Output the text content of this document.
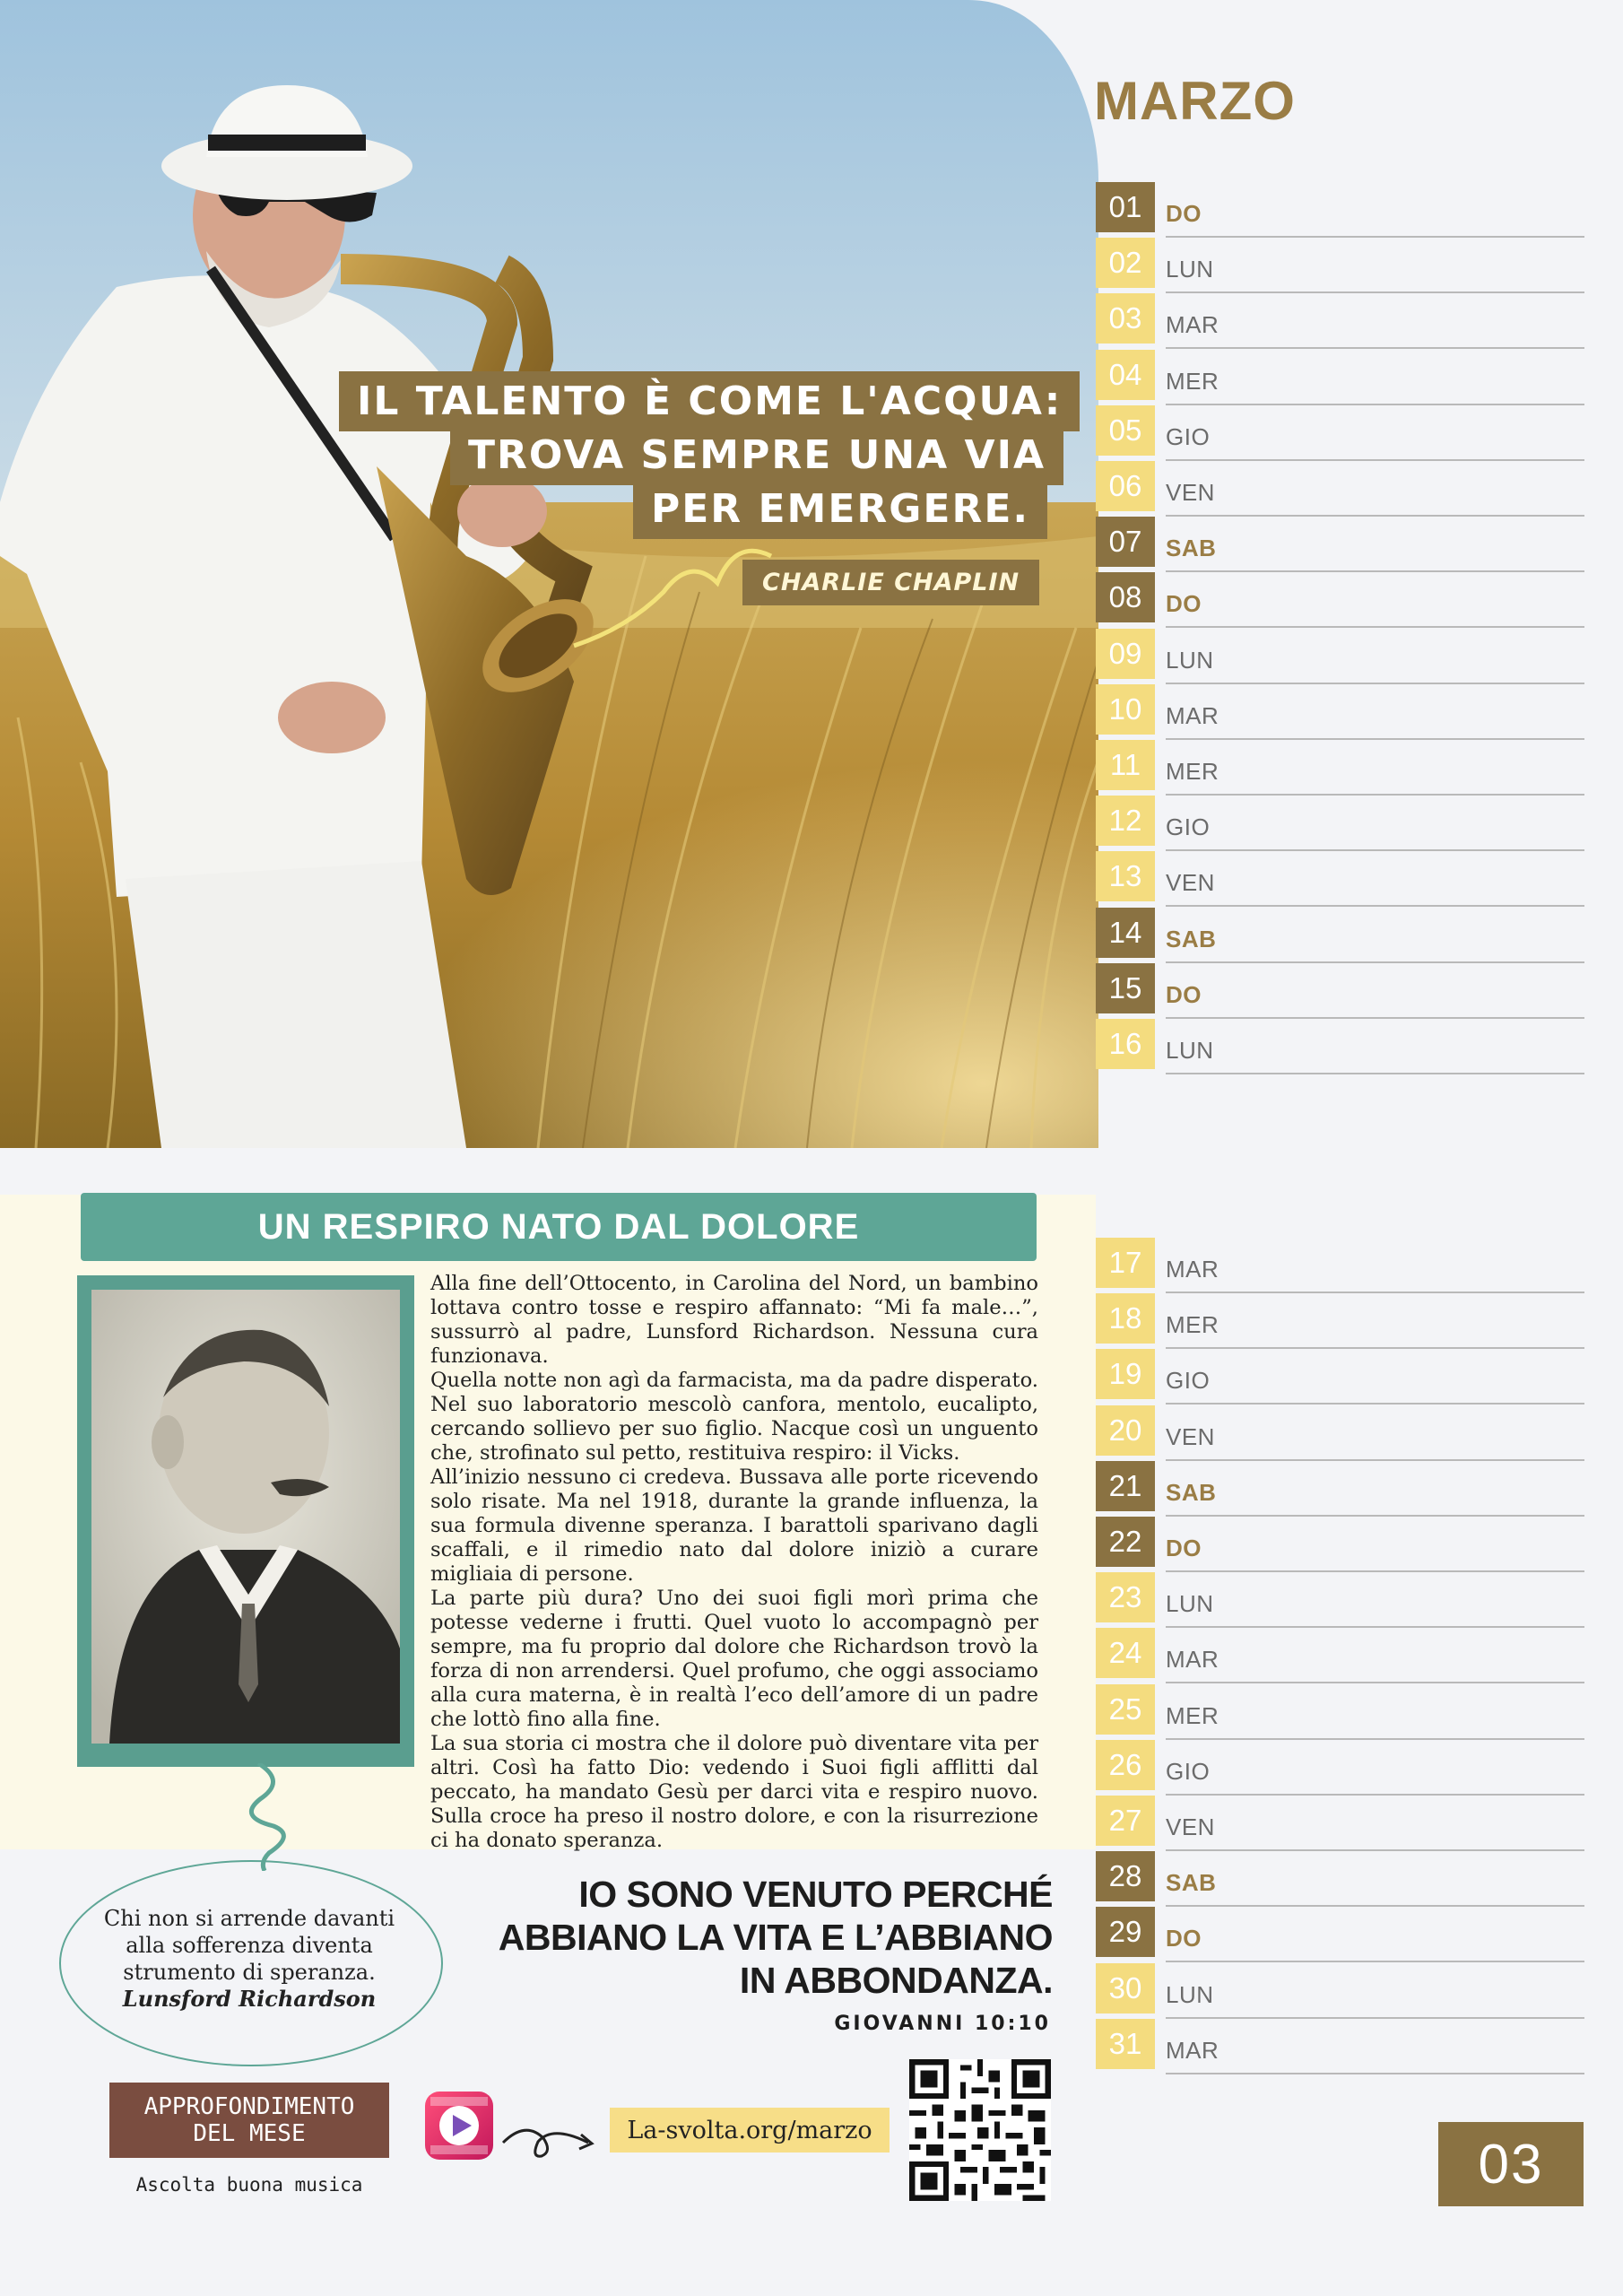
IL TALENTO È COME L'ACQUA:
TROVA SEMPRE UNA VIA
PER EMERGERE.
CHARLIE CHAPLIN
MARZO
01	DO
02	LUN
03	MAR
04	MER
05	GIO
06	VEN
07	SAB
08	DO
09	LUN
10	MAR
11	MER
12	GIO
13	VEN
14	SAB
15	DO
16	LUN
17	MAR
18	MER
19	GIO
20	VEN
21	SAB
22	DO
23	LUN
24	MAR
25	MER
26	GIO
27	VEN
28	SAB
29	DO
30	LUN
31	MAR
UN RESPIRO NATO DAL DOLORE

Alla fine dell’Ottocento, in Carolina del Nord, un bambino lottava contro tosse e respiro affannato: “Mi fa male…”, sussurrò al padre, Lunsford Richardson. Nessuna cura funzionava.

Quella notte non agì da farmacista, ma da padre disperato. Nel suo laboratorio mescolò canfora, mentolo, eucalipto, cercando sollievo per suo figlio. Nacque così un unguento che, strofinato sul petto, restituiva respiro: il Vicks.

All’inizio nessuno ci credeva. Bussava alle porte ricevendo solo risate. Ma nel 1918, durante la grande influenza, la sua formula divenne speranza. I barattoli sparivano dagli scaffali, e il rimedio nato dal dolore iniziò a curare migliaia di persone.

La parte più dura? Uno dei suoi figli morì prima che potesse vederne i frutti. Quel vuoto lo accompagnò per sempre, ma fu proprio dal dolore che Richardson trovò la forza di non arrendersi. Quel profumo, che oggi associamo alla cura materna, è in realtà l’eco dell’amore di un padre che lottò fino alla fine.

La sua storia ci mostra che il dolore può diventare vita per altri. Così ha fatto Dio: vedendo i Suoi figli afflitti dal peccato, ha mandato Gesù per darci vita e respiro nuovo. Sulla croce ha preso il nostro dolore, e con la risurrezione ci ha donato speranza.

Chi non si arrende davanti alla sofferenza diventa strumento di speranza.
Lunsford Richardson
IO SONO VENUTO PERCHÉ
ABBIANO LA VITA E L’ABBIANO
IN ABBONDANZA.
GIOVANNI 10:10
APPROFONDIMENTO
DEL MESE
Ascolta buona musica
La-svolta.org/marzo
03
